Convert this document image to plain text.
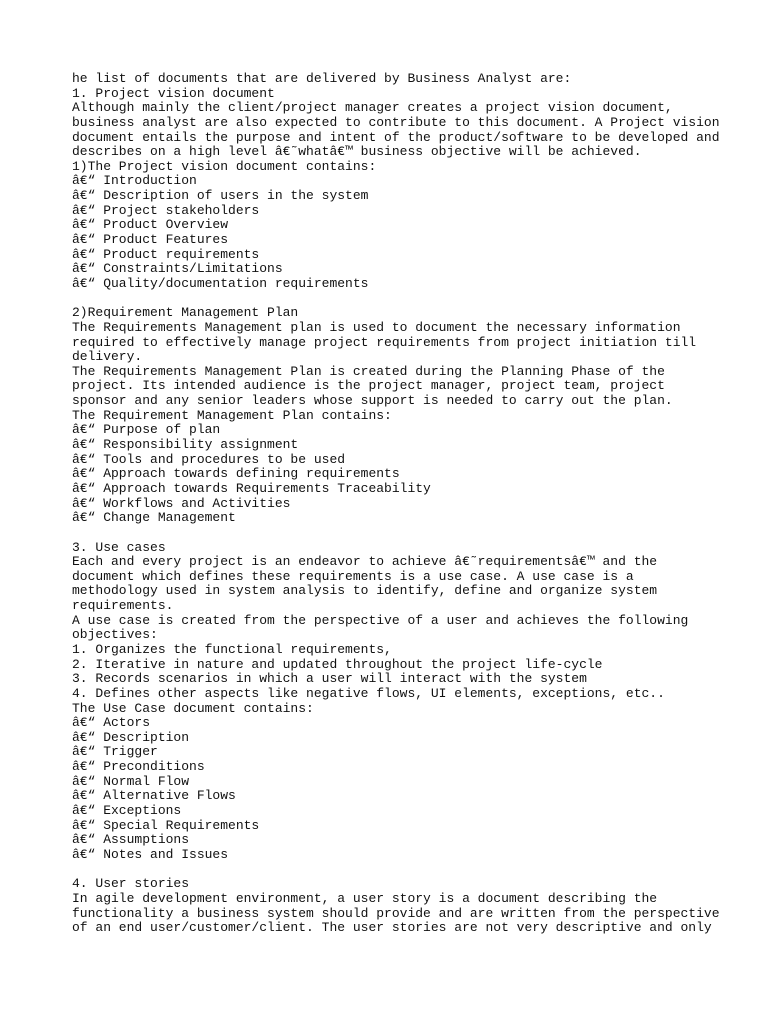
he list of documents that are delivered by Business Analyst are:
1. Project vision document
Although mainly the client/project manager creates a project vision document,
business analyst are also expected to contribute to this document. A Project vision
document entails the purpose and intent of the product/software to be developed and
describes on a high level â€˜whatâ€™ business objective will be achieved.
1)The Project vision document contains:
â€“ Introduction
â€“ Description of users in the system
â€“ Project stakeholders
â€“ Product Overview
â€“ Product Features
â€“ Product requirements
â€“ Constraints/Limitations
â€“ Quality/documentation requirements
2)Requirement Management Plan
The Requirements Management plan is used to document the necessary information
required to effectively manage project requirements from project initiation till
delivery.
The Requirements Management Plan is created during the Planning Phase of the
project. Its intended audience is the project manager, project team, project
sponsor and any senior leaders whose support is needed to carry out the plan.
The Requirement Management Plan contains:
â€“ Purpose of plan
â€“ Responsibility assignment
â€“ Tools and procedures to be used
â€“ Approach towards defining requirements
â€“ Approach towards Requirements Traceability
â€“ Workflows and Activities
â€“ Change Management
3. Use cases
Each and every project is an endeavor to achieve â€˜requirementsâ€™ and the
document which defines these requirements is a use case. A use case is a
methodology used in system analysis to identify, define and organize system
requirements.
A use case is created from the perspective of a user and achieves the following
objectives:
1. Organizes the functional requirements,
2. Iterative in nature and updated throughout the project life-cycle
3. Records scenarios in which a user will interact with the system
4. Defines other aspects like negative flows, UI elements, exceptions, etc..
The Use Case document contains:
â€“ Actors
â€“ Description
â€“ Trigger
â€“ Preconditions
â€“ Normal Flow
â€“ Alternative Flows
â€“ Exceptions
â€“ Special Requirements
â€“ Assumptions
â€“ Notes and Issues
4. User stories
In agile development environment, a user story is a document describing the
functionality a business system should provide and are written from the perspective
of an end user/customer/client. The user stories are not very descriptive and only
